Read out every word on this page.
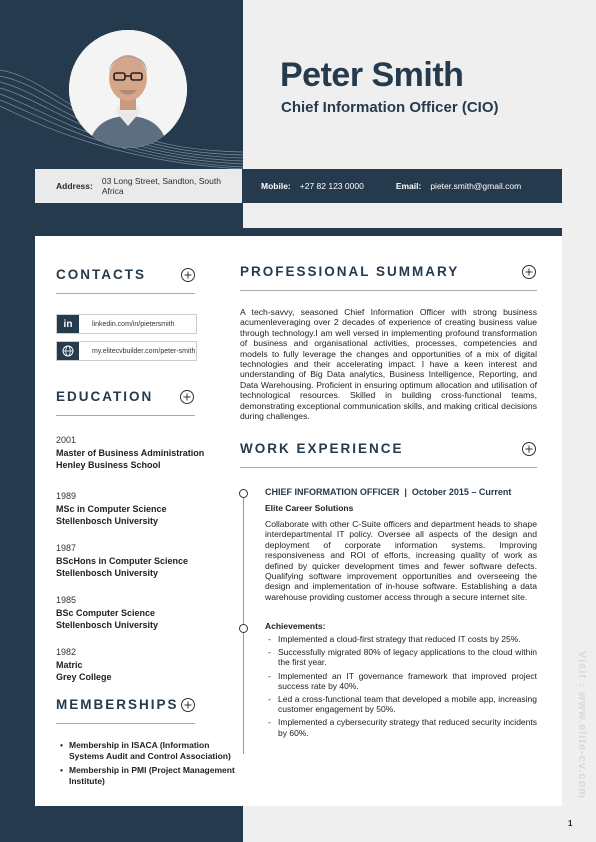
Peter Smith
Chief Information Officer (CIO)
Address: 03 Long Street, Sandton, South Africa	Mobile: +27 82 123 0000	Email: pieter.smith@gmail.com
CONTACTS
in	linkedin.com/in/pietersmith
my.elitecvbuilder.com/peter-smith
EDUCATION
2001
Master of Business Administration
Henley Business School
1989
MSc in Computer Science
Stellenbosch University
1987
BScHons in Computer Science
Stellenbosch University
1985
BSc Computer Science
Stellenbosch University
1982
Matric
Grey College
MEMBERSHIPS
• Membership in ISACA (Information Systems Audit and Control Association)
• Membership in PMI (Project Management Institute)
PROFESSIONAL SUMMARY
A tech-savvy, seasoned Chief Information Officer with strong business acumenleveraging over 2 decades of experience of creating business value through technology.I am well versed in implementing profound transformation of business and organisational activities, processes, competencies and models to fully leverage the changes and opportunities of a mix of digital technologies and their accelerating impact. I have a keen interest and understanding of Big Data analytics, Business Intelligence, Reporting, and Data Warehousing. Proficient in ensuring optimum allocation and utilisation of technological resources. Skilled in building cross-functional teams, demonstrating exceptional communication skills, and making critical decisions during challenges.
WORK EXPERIENCE
CHIEF INFORMATION OFFICER  |  October 2015 – Current
Elite Career Solutions
Collaborate with other C-Suite officers and department heads to shape interdepartmental IT policy. Oversee all aspects of the design and deployment of corporate information systems. Improving responsiveness and ROI of efforts, increasing quality of work as defined by quicker development times and fewer software defects. Qualifying software improvement opportunities and overseeing the design and implementation of in-house software. Establishing a data warehouse providing customer access through a secure internet site.
Achievements:
- Implemented a cloud-first strategy that reduced IT costs by 25%.
- Successfully migrated 80% of legacy applications to the cloud within the first year.
- Implemented an IT governance framework that improved project success rate by 40%.
- Led a cross-functional team that developed a mobile app, increasing customer engagement by 50%.
- Implemented a cybersecurity strategy that reduced security incidents by 60%.	Visit : www.elite-cv.com
1
